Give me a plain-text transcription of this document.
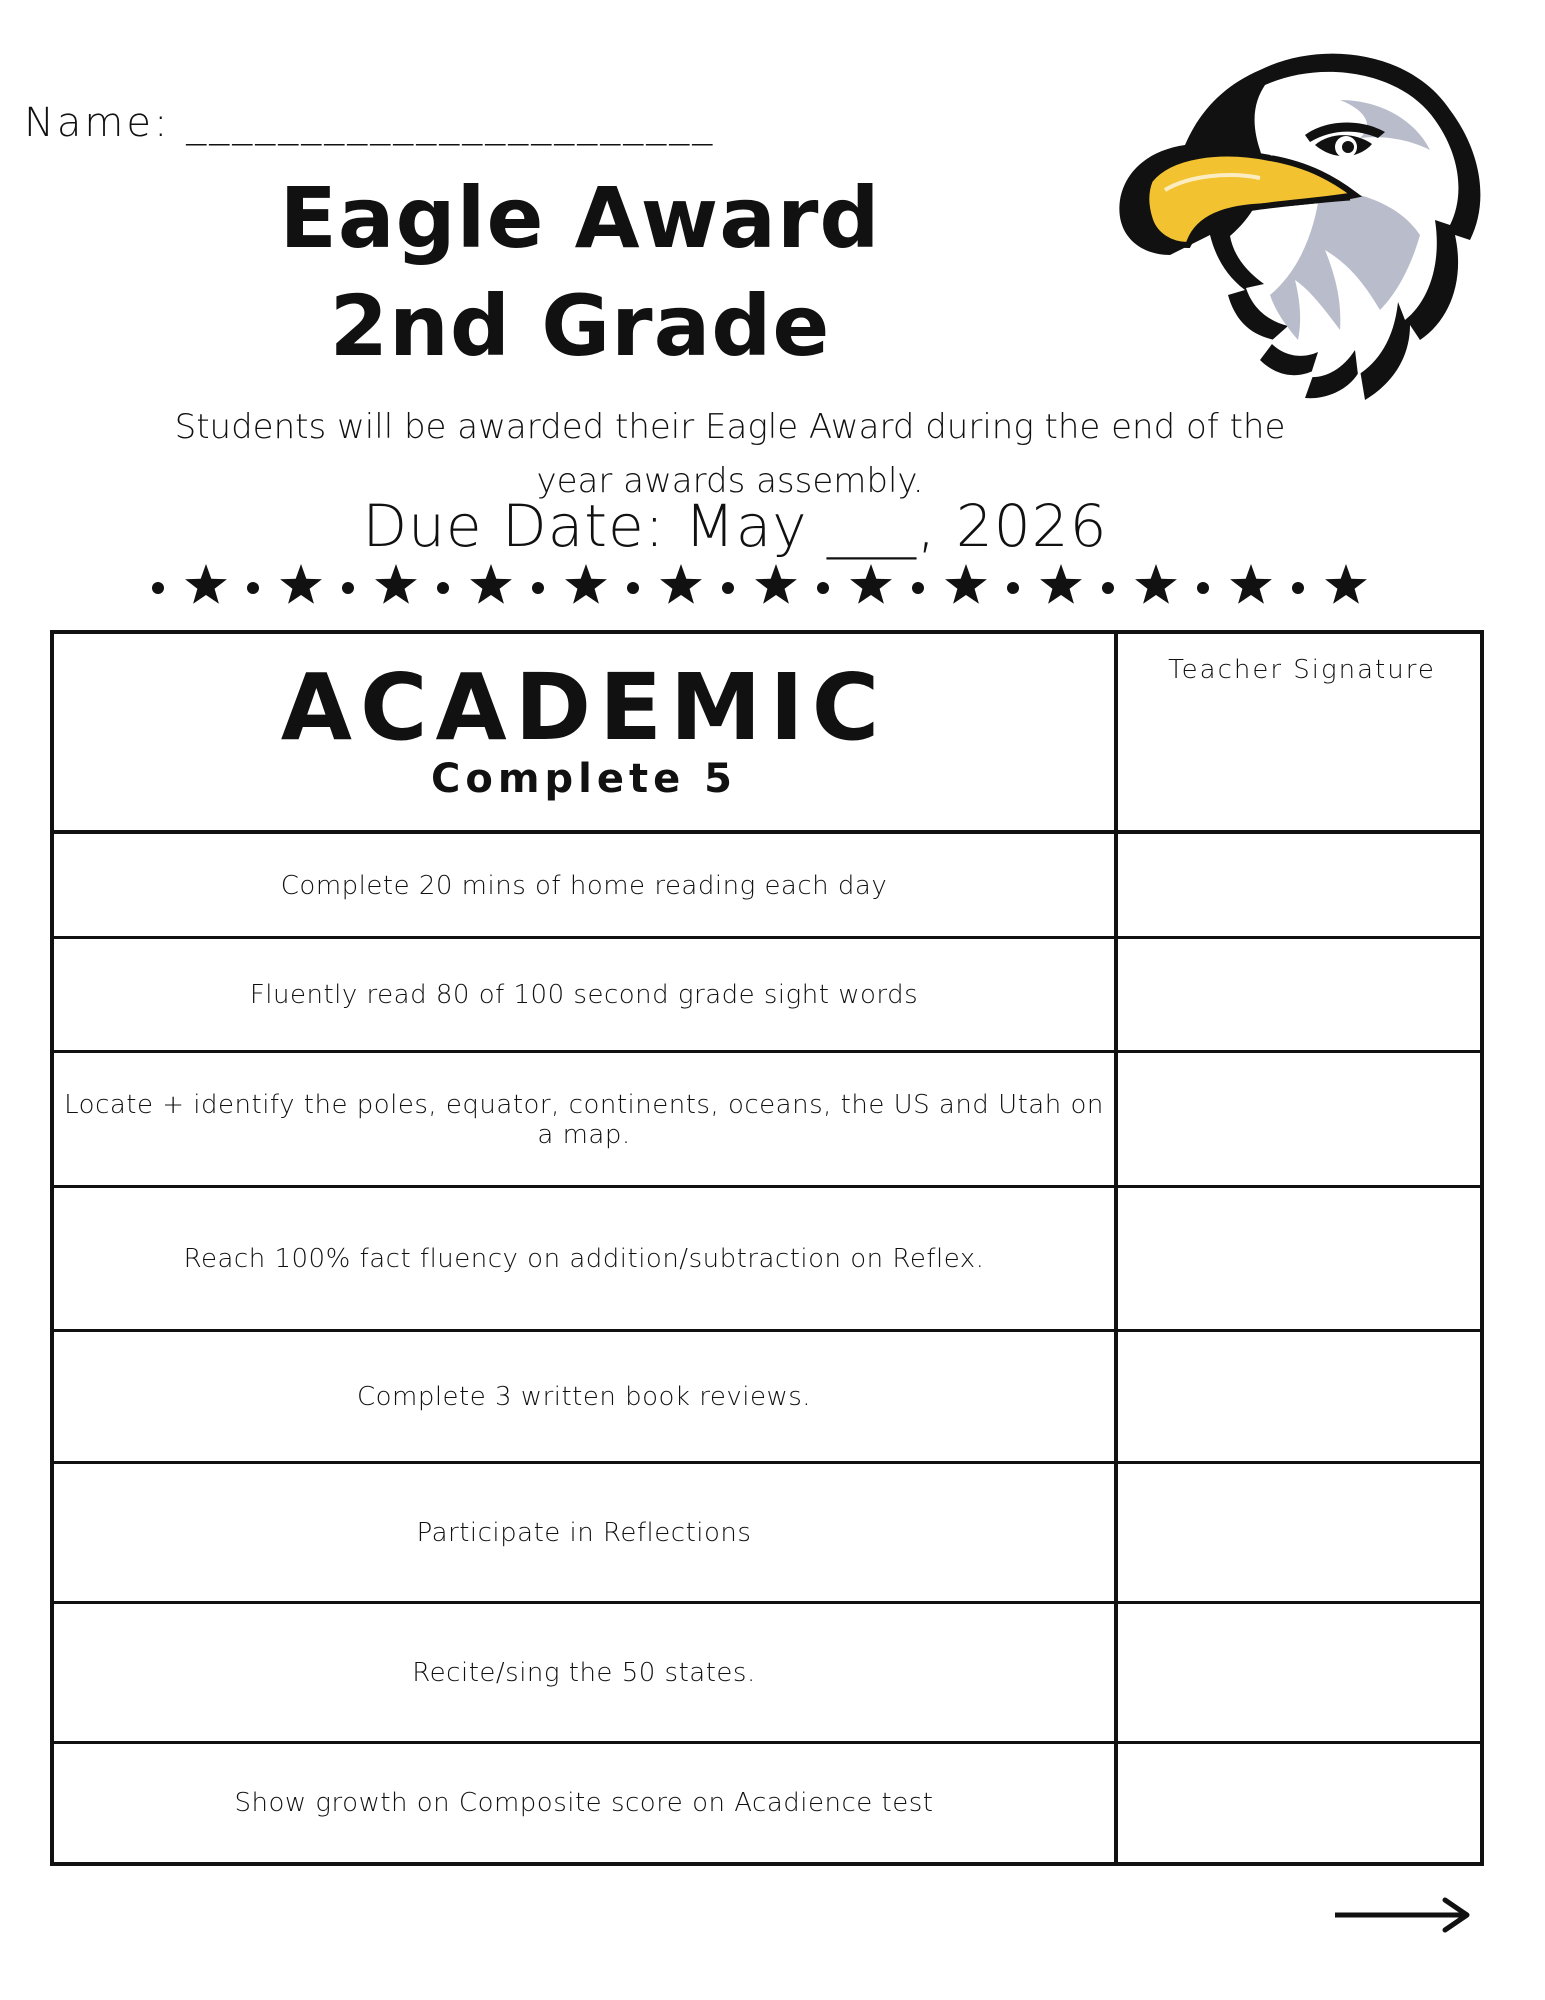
Name: _______________________
Eagle Award
2nd Grade
Students will be awarded their Eagle Award during the end of the year awards assembly.
Due Date: May ___, 2026
ACADEMIC
Complete 5
Teacher Signature
Complete 20 mins of home reading each day
Fluently read 80 of 100 second grade sight words
Locate + identify the poles, equator, continents, oceans, the US and Utah on a map.
Reach 100% fact fluency on addition/subtraction on Reflex.
Complete 3 written book reviews.
Participate in Reflections
Recite/sing the 50 states.
Show growth on Composite score on Acadience test
